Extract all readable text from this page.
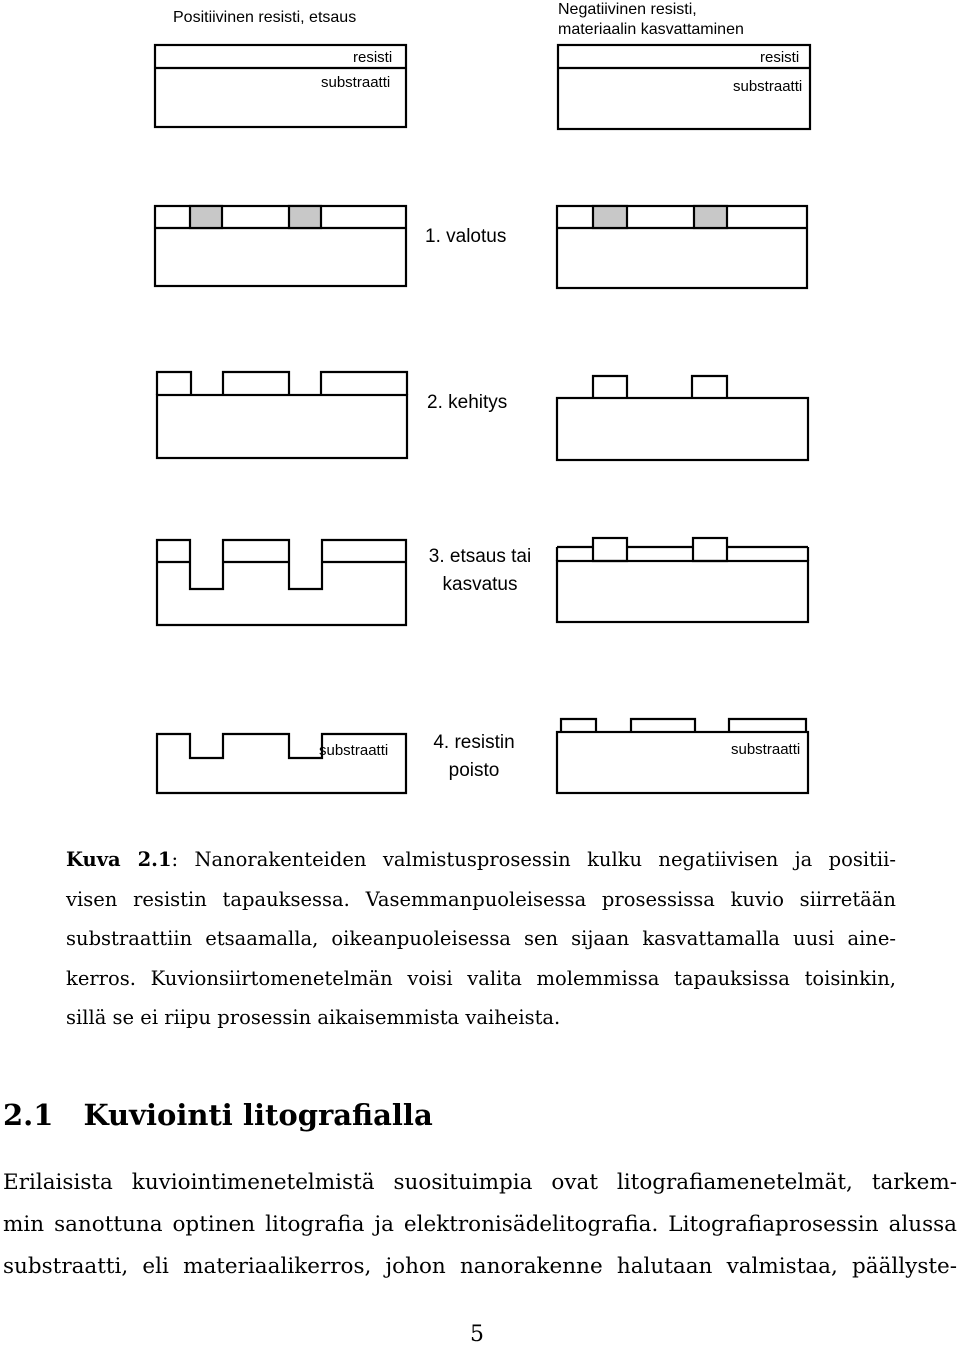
Positiivinen resisti, etsaus	Negatiivinen resisti,
materiaalin kasvattaminen
resisti
substraatti
resisti
substraatti
1. valotus
2. kehitys
3. etsaus tai
kasvatus
4. resistin
poisto
substraatti	substraatti
Kuva 2.1: Nanorakenteiden valmistusprosessin kulku negatiivisen ja positii-
visen resistin tapauksessa. Vasemmanpuoleisessa prosessissa kuvio siirretään
substraattiin etsaamalla, oikeanpuoleisessa sen sijaan kasvattamalla uusi aine-
kerros. Kuvionsiirtomenetelmän voisi valita molemmissa tapauksissa toisinkin,
sillä se ei riipu prosessin aikaisemmista vaiheista.
2.1 Kuviointi litografialla
Erilaisista kuviointimenetelmistä suosituimpia ovat litografiamenetelmät, tarkem-
min sanottuna optinen litografia ja elektronisädelitografia. Litografiaprosessin alussa
substraatti, eli materiaalikerros, johon nanorakenne halutaan valmistaa, päällyste-
5
